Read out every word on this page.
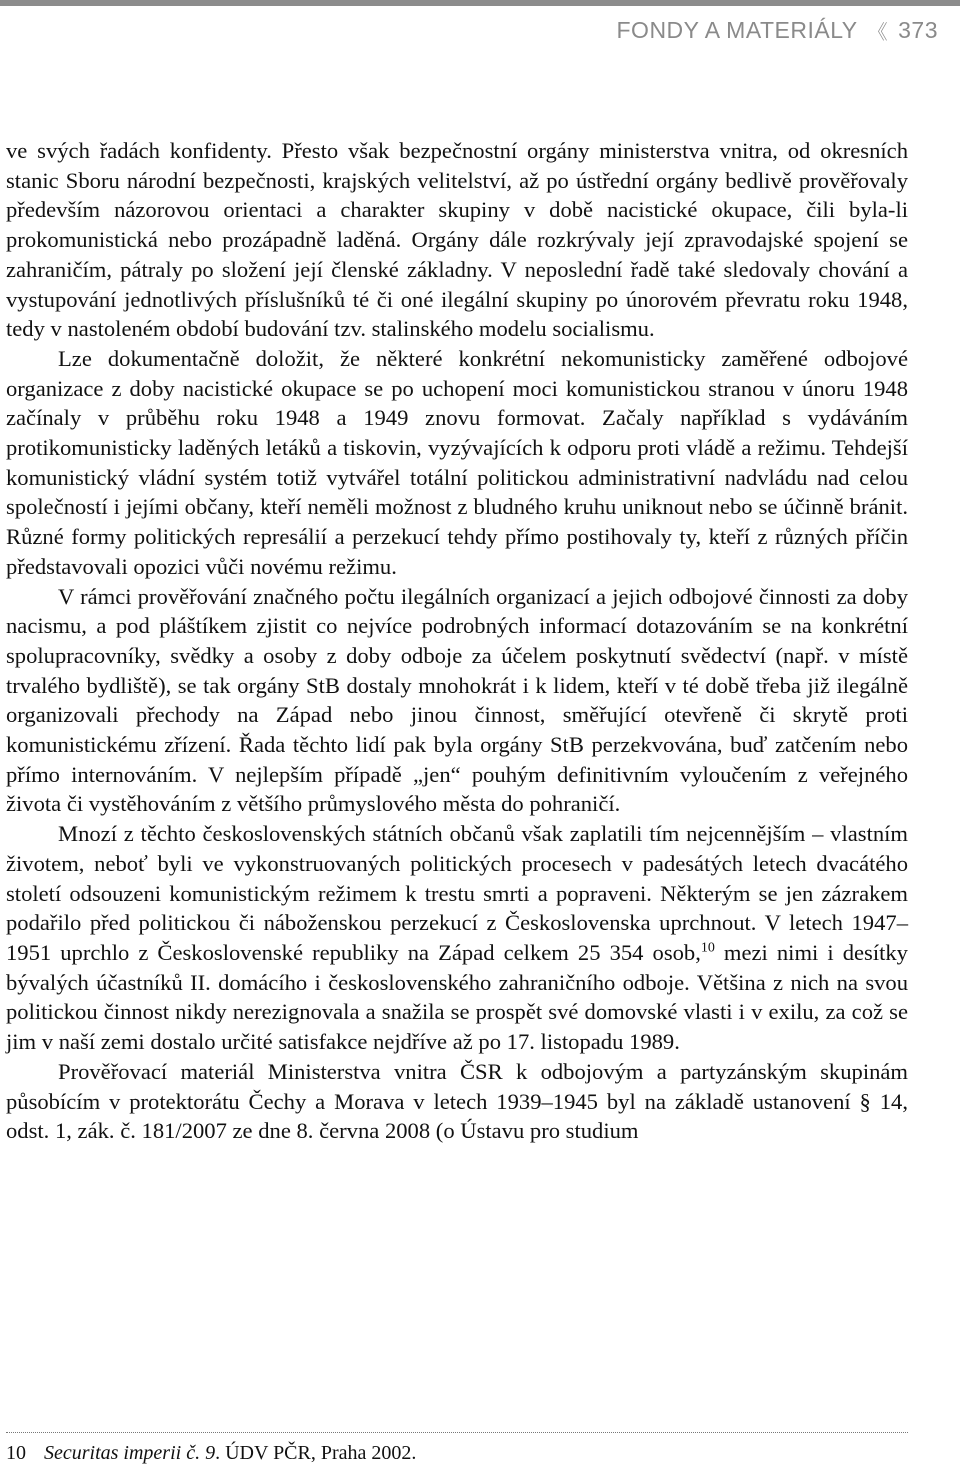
FONDY A MATERIÁLY 《 373

ve svých řadách konfidenty. Přesto však bezpečnostní orgány ministerstva vnitra, od okresních stanic Sboru národní bezpečnosti, krajských velitelství, až po ústřední orgány bedlivě prověřovaly především názorovou orientaci a charakter skupiny v době nacistické okupace, čili byla-li prokomunistická nebo prozápadně laděná. Orgány dále rozkrývaly její zpravodajské spojení se zahraničím, pátraly po složení její členské základny. V neposlední řadě také sledovaly chování a vystupování jednotlivých příslušníků té či oné ilegální skupiny po únorovém převratu roku 1948, tedy v nastoleném období budování tzv. stalinského modelu socialismu.

Lze dokumentačně doložit, že některé konkrétní nekomunisticky zaměřené odbojové organizace z doby nacistické okupace se po uchopení moci komunistickou stranou v únoru 1948 začínaly v průběhu roku 1948 a 1949 znovu formovat. Začaly například s vydáváním protikomunisticky laděných letáků a tiskovin, vyzývajících k odporu proti vládě a režimu. Tehdejší komunistický vládní systém totiž vytvářel totální politickou administrativní nadvládu nad celou společností i jejími občany, kteří neměli možnost z bludného kruhu uniknout nebo se účinně bránit. Různé formy politických represálií a perzekucí tehdy přímo postihovaly ty, kteří z různých příčin představovali opozici vůči novému režimu.

V rámci prověřování značného počtu ilegálních organizací a jejich odbojové činnosti za doby nacismu, a pod pláštíkem zjistit co nejvíce podrobných informací dotazováním se na konkrétní spolupracovníky, svědky a osoby z doby odboje za účelem poskytnutí svědectví (např. v místě trvalého bydliště), se tak orgány StB dostaly mnohokrát i k lidem, kteří v té době třeba již ilegálně organizovali přechody na Západ nebo jinou činnost, směřující otevřeně či skrytě proti komunistickému zřízení. Řada těchto lidí pak byla orgány StB perzekvována, buď zatčením nebo přímo internováním. V nejlepším případě „jen“ pouhým definitivním vyloučením z veřejného života či vystěhováním z většího průmyslového města do pohraničí.

Mnozí z těchto československých státních občanů však zaplatili tím nejcennějším – vlastním životem, neboť byli ve vykonstruovaných politických procesech v padesátých letech dvacátého století odsouzeni komunistickým režimem k trestu smrti a popraveni. Některým se jen zázrakem podařilo před politickou či náboženskou perzekucí z Československa uprchnout. V letech 1947–1951 uprchlo z Československé republiky na Západ celkem 25 354 osob,$^{10}$ mezi nimi i desítky bývalých účastníků II. domácího i československého zahraničního odboje. Většina z nich na svou politickou činnost nikdy nerezignovala a snažila se prospět své domovské vlasti i v exilu, za což se jim v naší zemi dostalo určité satisfakce nejdříve až po 17. listopadu 1989.

Prověřovací materiál Ministerstva vnitra ČSR k odbojovým a partyzánským skupinám působícím v protektorátu Čechy a Morava v letech 1939–1945 byl na základě ustanovení § 14, odst. 1, zák. č. 181/2007 ze dne 8. června 2008 (o Ústavu pro studium

10 Securitas imperii č. 9. ÚDV PČR, Praha 2002.
